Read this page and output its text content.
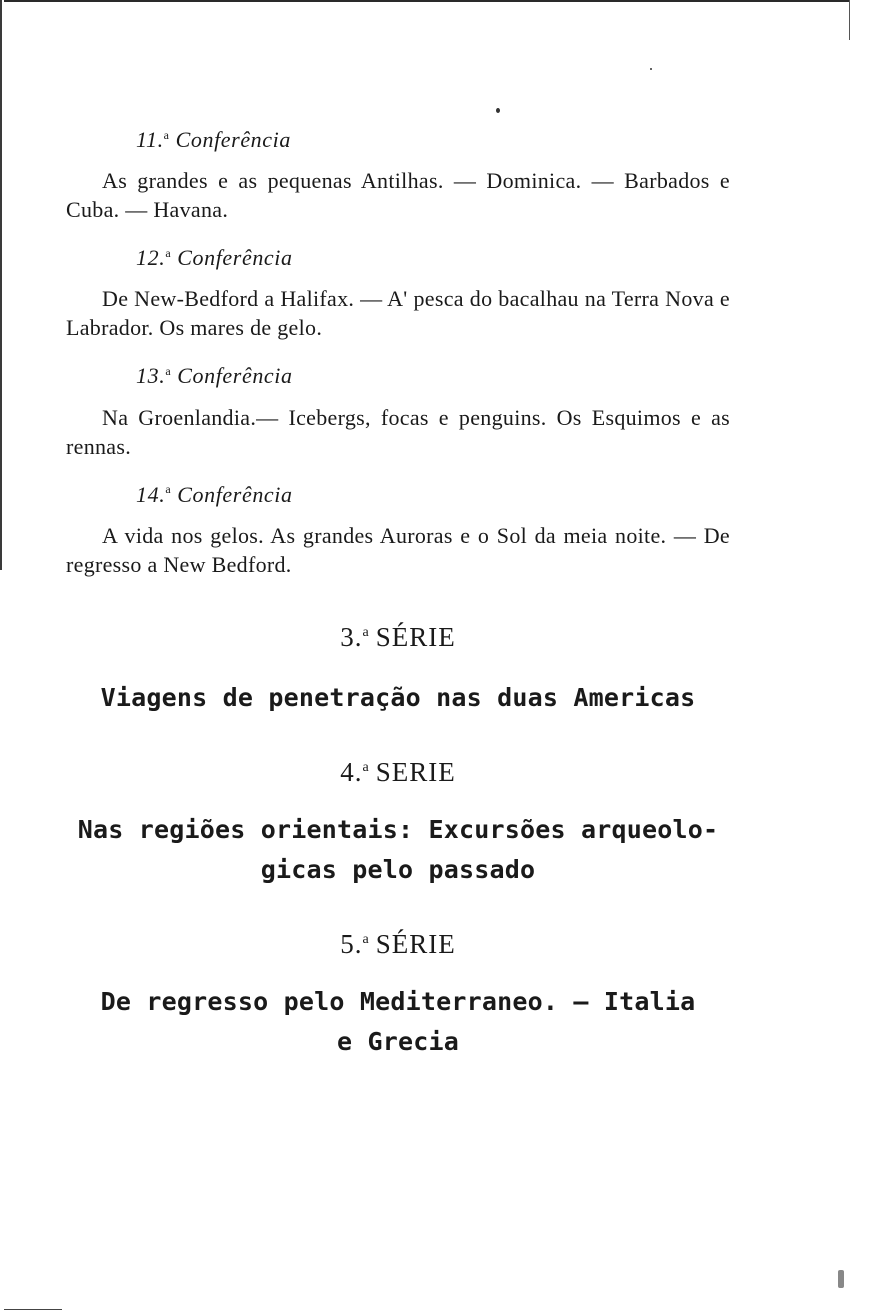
11.$^a$ Conferência

As grandes e as pequenas Antilhas. — Dominica. — Barbados e Cuba. — Havana.

12.$^a$ Conferência

De New-Bedford a Halifax. — A' pesca do bacalhau na Terra Nova e Labrador. Os mares de gelo.

13.$^a$ Conferência

Na Groenlandia.— Icebergs, focas e penguins. Os Esquimos e as rennas.

14.$^a$ Conferência

A vida nos gelos. As grandes Auroras e o Sol da meia noite. — De regresso a New Bedford.

3.$^a$ SÉRIE
Viagens de penetração nas duas Americas
4.$^a$ SERIE
Nas regiões orientais: Excursões arqueolo-
gicas pelo passado
5.$^a$ SÉRIE
De regresso pelo Mediterraneo. — Italia
e Grecia
